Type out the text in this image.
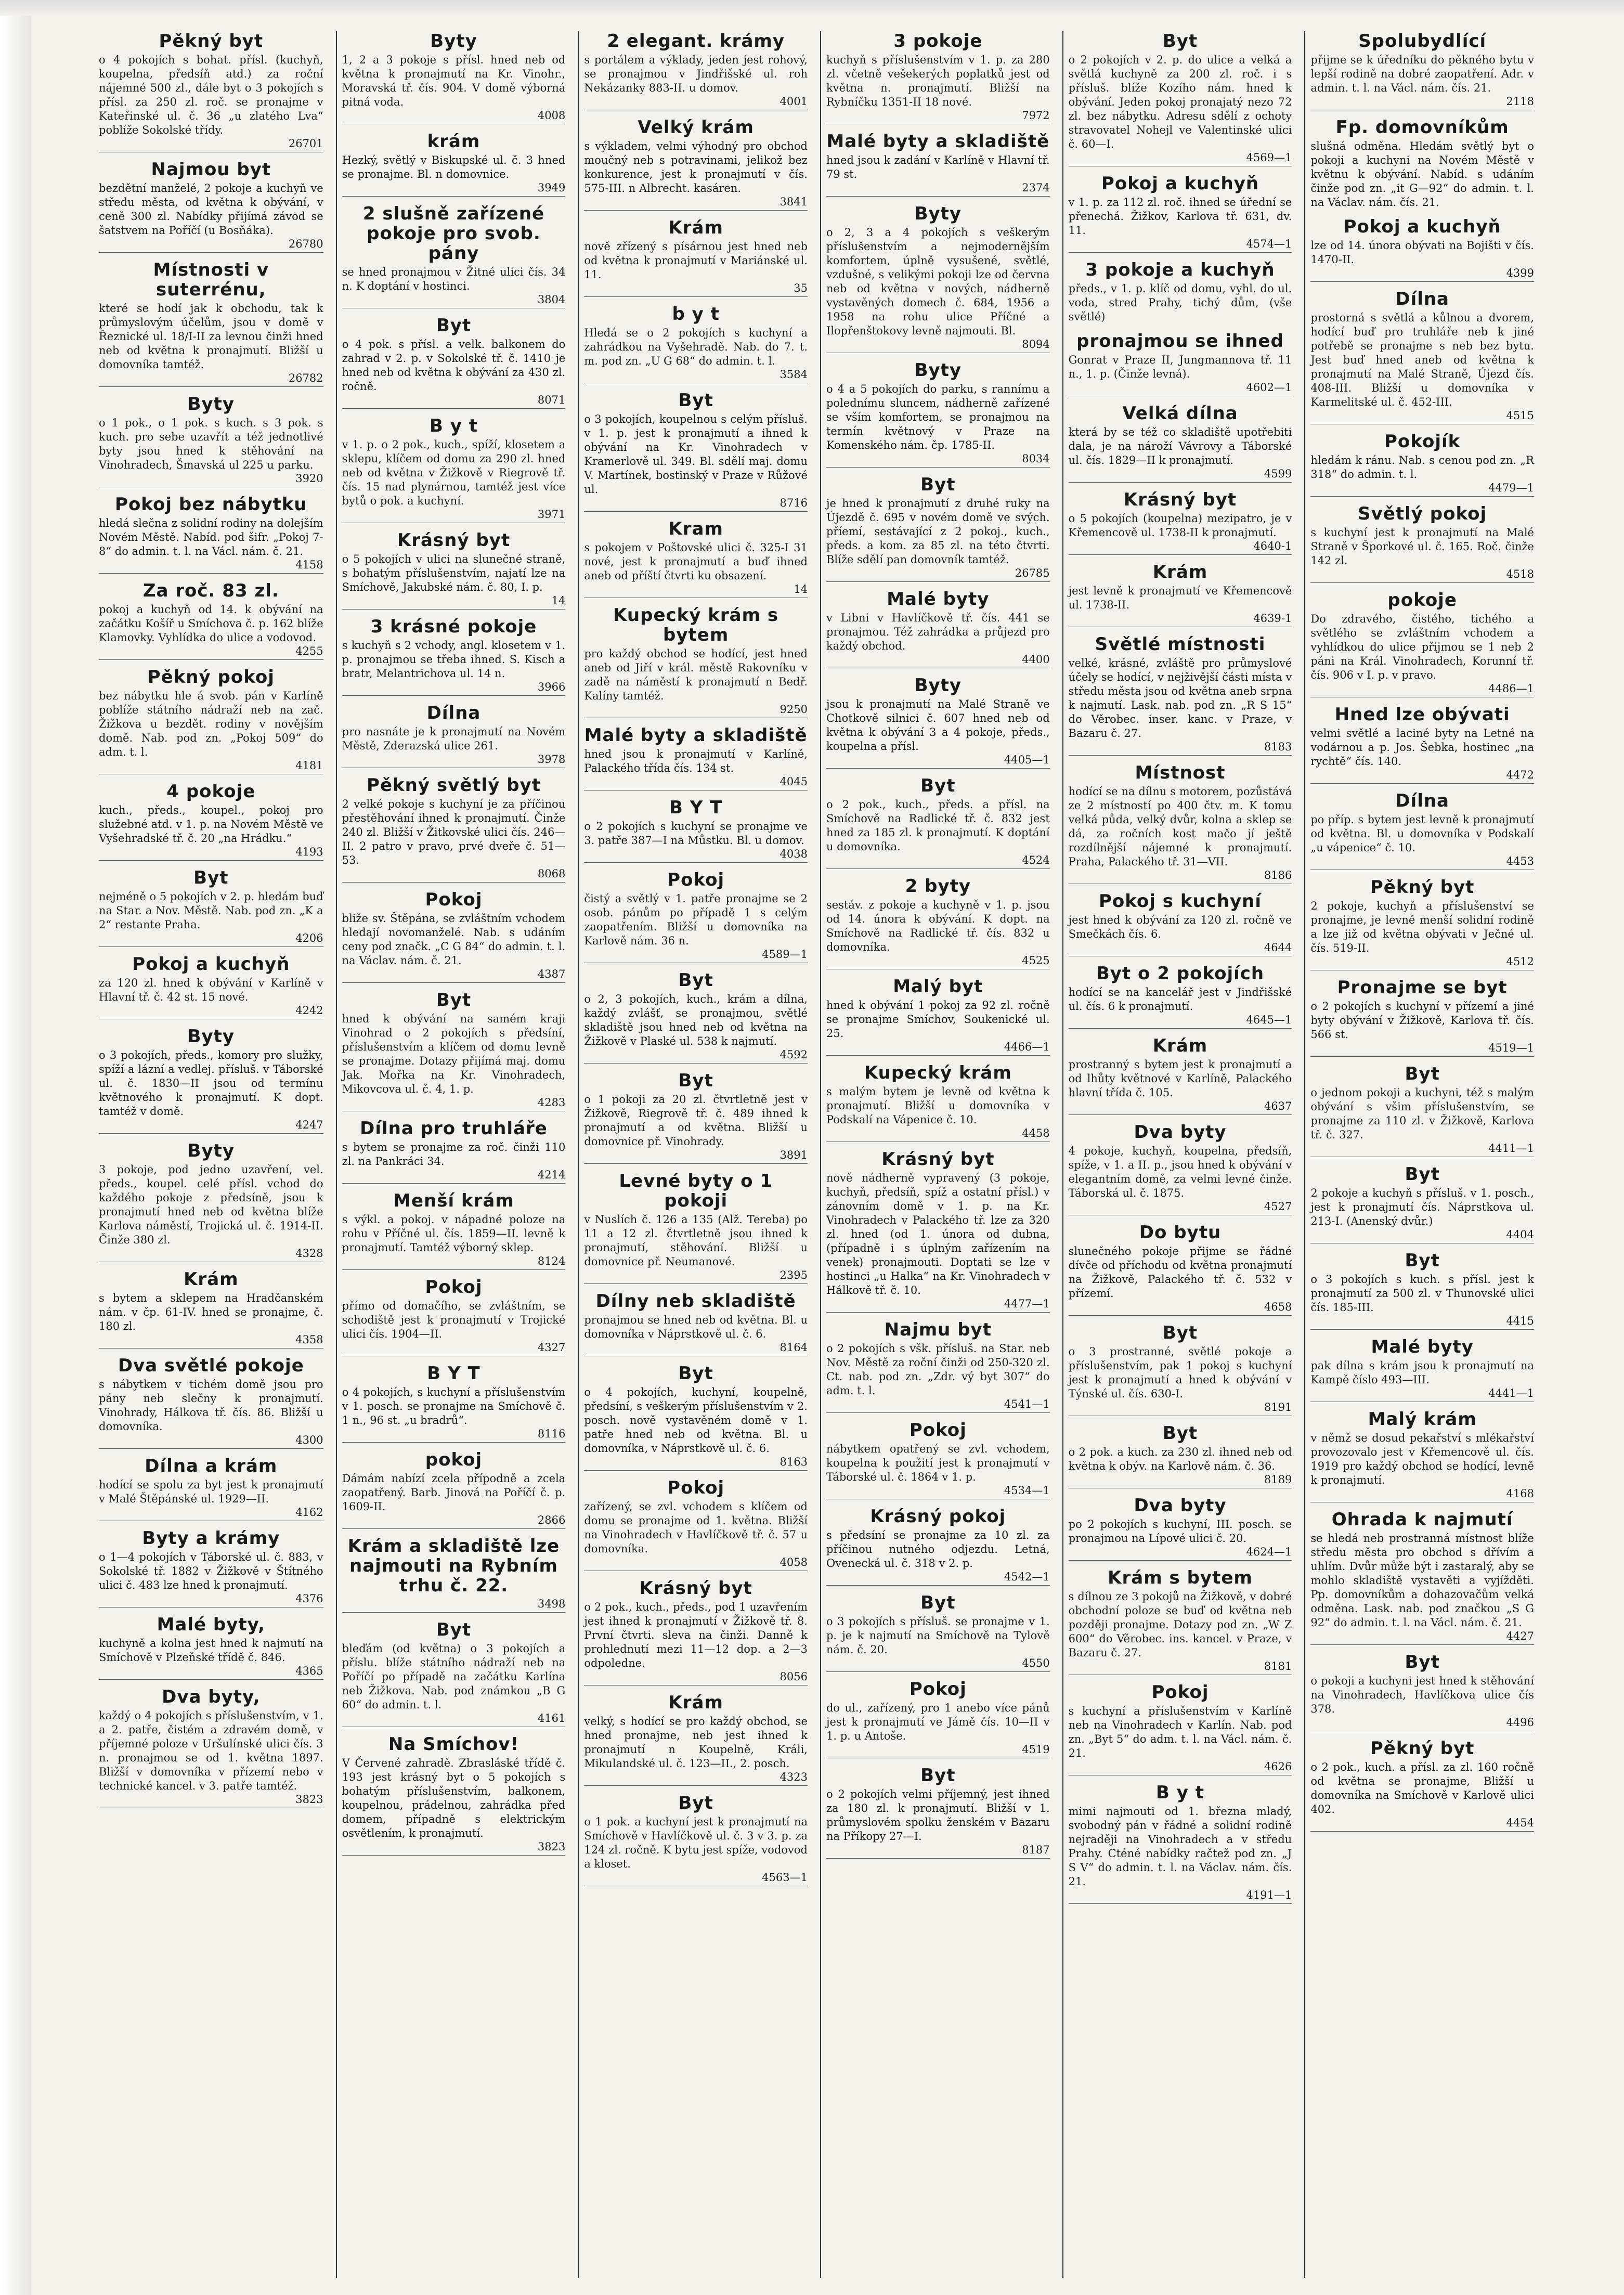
Pěkný byt

o 4 pokojích s bohat. přísl. (kuchyň, koupelna, předsíň atd.) za roční nájemné 500 zl., dále byt o 3 pokojích s přísl. za 250 zl. roč. se pronajme v Kateřinské ul. č. 36 „u zlatého Lva“ poblíže Sokolské třídy.

26701
Najmou byt

bezdětní manželé, 2 pokoje a kuchyň ve středu města, od května k obývání, v ceně 300 zl. Nabídky přijímá závod se šatstvem na Poříčí (u Bosňáka).

26780
Místnosti v suterrénu,

které se hodí jak k obchodu, tak k průmyslovým účelům, jsou v domě v Řeznické ul. 18/I-II za levnou činži hned neb od května k pronajmutí. Bližší u domovníka tamtéž.

26782
Byty

o 1 pok., o 1 pok. s kuch. s 3 pok. s kuch. pro sebe uzavřít a též jednotlivé byty jsou hned k stěhování na Vinohradech, Šmavská ul 225 u parku.

3920
Pokoj bez nábytku

hledá slečna z solidní rodiny na dolejším Novém Městě. Nabíd. pod šifr. „Pokoj 7-8“ do admin. t. l. na Václ. nám. č. 21.

4158
Za roč. 83 zl.

pokoj a kuchyň od 14. k obývání na začátku Košíř u Smíchova č. p. 162 blíže Klamovky. Vyhlídka do ulice a vodovod.

4255
Pěkný pokoj

bez nábytku hle á svob. pán v Karlíně poblíže státního nádraží neb na zač. Žižkova u bezdět. rodiny v novějším domě. Nab. pod zn. „Pokoj 509“ do adm. t. l.

4181
4 pokoje

kuch., předs., koupel., pokoj pro služebné atd. v 1. p. na Novém Městě ve Vyšehradské tř. č. 20 „na Hrádku.“

4193
Byt

nejméně o 5 pokojích v 2. p. hledám buď na Star. a Nov. Městě. Nab. pod zn. „K a 2“ restante Praha.

4206
Pokoj a kuchyň

za 120 zl. hned k obývání v Karlíně v Hlavní tř. č. 42 st. 15 nové.

4242
Byty

o 3 pokojích, předs., komory pro služky, spíží a lázní a vedlej. přísluš. v Táborské ul. č. 1830—II jsou od termínu květnového k pronajmutí. K dopt. tamtéž v domě.

4247
Byty

3 pokoje, pod jedno uzavření, vel. předs., koupel. celé přísl. vchod do každého pokoje z předsíně, jsou k pronajmutí hned neb od května blíže Karlova náměstí, Trojická ul. č. 1914-II. Činže 380 zl.

4328
Krám

s bytem a sklepem na Hradčanském nám. v čp. 61-IV. hned se pronajme, č. 180 zl.

4358
Dva světlé pokoje

s nábytkem v tichém domě jsou pro pány neb slečny k pronajmutí. Vinohrady, Hálkova tř. čís. 86. Bližší u domovníka.

4300
Dílna a krám

hodící se spolu za byt jest k pronajmutí v Malé Štěpánské ul. 1929—II.

4162
Byty a krámy

o 1—4 pokojích v Táborské ul. č. 883, v Sokolské tř. 1882 v Žižkově v Štítného ulici č. 483 lze hned k pronajmutí.

4376
Malé byty,

kuchyně a kolna jest hned k najmutí na Smíchově v Plzeňské třídě č. 846.

4365
Dva byty,

každý o 4 pokojích s příslušenstvím, v 1. a 2. patře, čistém a zdravém domě, v příjemné poloze v Uršulínské ulici čís. 3 n. pronajmou se od 1. května 1897. Bližší v domovníka v přízemí nebo v technické kancel. v 3. patře tamtéž.

3823
Byty

1, 2 a 3 pokoje s přísl. hned neb od května k pronajmutí na Kr. Vinohr., Moravská tř. čís. 904. V domě výborná pitná voda.

4008
krám

Hezký, světlý v Biskupské ul. č. 3 hned se pronajme. Bl. n domovnice.

3949
2 slušně zařízené pokoje pro svob. pány

se hned pronajmou v Žitné ulici čís. 34 n. K doptání v hostinci.

3804
Byt

o 4 pok. s přísl. a velk. balkonem do zahrad v 2. p. v Sokolské tř. č. 1410 je hned neb od května k obývání za 430 zl. ročně.

8071
B y t

v 1. p. o 2 pok., kuch., spíží, klosetem a sklepu, klíčem od domu za 290 zl. hned neb od května v Žižkově v Riegrově tř. čís. 15 nad plynárnou, tamtéž jest více bytů o pok. a kuchyní.

3971
Krásný byt

o 5 pokojích v ulici na slunečné straně, s bohatým příslušenstvím, najatí lze na Smíchově, Jakubské nám. č. 80, I. p.

14
3 krásné pokoje

s kuchyň s 2 vchody, angl. klosetem v 1. p. pronajmou se třeba ihned. S. Kisch a bratr, Melantrichova ul. 14 n.

3966
Dílna

pro nasnáte je k pronajmutí na Novém Městě, Zderazská ulice 261.

3978
Pěkný světlý byt

2 velké pokoje s kuchyní je za příčinou přestěhování ihned k pronajmutí. Činže 240 zl. Bližší v Žitkovské ulici čís. 246—II. 2 patro v pravo, prvé dveře č. 51—53.

8068
Pokoj

bliže sv. Štěpána, se zvláštním vchodem hledají novomanželé. Nab. s udáním ceny pod značk. „C G 84“ do admin. t. l. na Václav. nám. č. 21.

4387
Byt

hned k obývání na samém kraji Vinohrad o 2 pokojích s předsíní, příslušenstvím a klíčem od domu levně se pronajme. Dotazy přijímá maj. domu Jak. Mořka na Kr. Vinohradech, Mikovcova ul. č. 4, 1. p.

4283
Dílna pro truhláře

s bytem se pronajme za roč. činži 110 zl. na Pankráci 34.

4214
Menší krám

s výkl. a pokoj. v nápadné poloze na rohu v Příčné ul. čís. 1859—II. levně k pronajmutí. Tamtéž výborný sklep.

8124
Pokoj

přímo od domačího, se zvláštním, se schodiště jest k pronajmutí v Trojické ulici čís. 1904—II.

4327
B Y T

o 4 pokojích, s kuchyní a příslušenstvím v 1. posch. se pronajme na Smíchově č. 1 n., 96 st. „u bradrů“.

8116
pokoj

Dámám nabízí zcela přípodně a zcela zaopatřený. Barb. Jinová na Poříčí č. p. 1609-II.

2866
Krám a skladiště lze najmouti na Rybním trhu č. 22.
3498
Byt

bleďám (od května) o 3 pokojích a příslu. blíže státního nádraží neb na Poříčí po případě na začátku Karlína neb Žižkova. Nab. pod známkou „B G 60“ do admin. t. l.

4161
Na Smíchov!

V Červené zahradě. Zbrasláské třídě č. 193 jest krásný byt o 5 pokojích s bohatým příslušenstvím, balkonem, koupelnou, prádelnou, zahrádka před domem, případně s elektrickým osvětlením, k pronajmutí.

3823
2 elegant. krámy

s portálem a výklady, jeden jest rohový, se pronajmou v Jindřišské ul. roh Nekázanky 883-II. u domov.

4001
Velký krám

s výkladem, velmi výhodný pro obchod moučný neb s potravinami, jelikož bez konkurence, jest k pronajmutí v čís. 575-III. n Albrecht. kasáren.

3841
Krám

nově zřízený s písárnou jest hned neb od května k pronajmutí v Mariánské ul. 11.

35
b y t

Hledá se o 2 pokojích s kuchyní a zahrádkou na Vyšehradě. Nab. do 7. t. m. pod zn. „U G 68“ do admin. t. l.

3584
Byt

o 3 pokojích, koupelnou s celým přísluš. v 1. p. jest k pronajmutí a ihned k obývání na Kr. Vinohradech v Kramerlově ul. 349. Bl. sdělí maj. domu V. Martínek, bostinský v Praze v Růžové ul.

8716
Kram

s pokojem v Poštovské ulici č. 325-I 31 nové, jest k pronajmutí a buď ihned aneb od příští čtvrti ku obsazení.

14
Kupecký krám s bytem

pro každý obchod se hodící, jest hned aneb od Jiří v král. městě Rakovníku v zadě na náměstí k pronajmutí n Bedř. Kalíny tamtéž.

9250
Malé byty a skladiště

hned jsou k pronajmutí v Karlíně, Palackého třída čís. 134 st.

4045
B Y T

o 2 pokojích s kuchyní se pronajme ve 3. patře 387—I na Můstku. Bl. u domov.

4038
Pokoj

čistý a světlý v 1. patře pronajme se 2 osob. pánům po případě 1 s celým zaopatřením. Bližší u domovníka na Karlově nám. 36 n.

4589—1
Byt

o 2, 3 pokojích, kuch., krám a dílna, každý zvlášť, se pronajmou, světlé skladiště jsou hned neb od května na Žižkově v Plaské ul. 538 k najmutí.

4592
Byt

o 1 pokoji za 20 zl. čtvrtletně jest v Žižkově, Riegrově tř. č. 489 ihned k pronajmutí a od května. Bližší u domovnice př. Vinohrady.

3891
Levné byty o 1 pokoji

v Nuslích č. 126 a 135 (Alž. Tereba) po 11 a 12 zl. čtvrtletně jsou ihned k pronajmutí, stěhování. Bližší u domovnice př. Neumanové.

2395
Dílny neb skladiště

pronajmou se hned neb od května. Bl. u domovníka v Náprstkově ul. č. 6.

8164
Byt

o 4 pokojích, kuchyní, koupelně, předsíní, s veškerým příslušenstvím v 2. posch. nově vystavěném domě v 1. patře hned neb od května. Bl. u domovníka, v Náprstkově ul. č. 6.

8163
Pokoj

zařízený, se zvl. vchodem s klíčem od domu se pronajme od 1. května. Bližší na Vinohradech v Havlíčkově tř. č. 57 u domovníka.

4058
Krásný byt

o 2 pok., kuch., předs., pod 1 uzavřením jest ihned k pronajmutí v Žižkově tř. 8. První čtvrti. sleva na činži. Danně k prohlednutí mezi 11—12 dop. a 2—3 odpoledne.

8056
Krám

velký, s hodící se pro každý obchod, se hned pronajme, neb jest ihned k pronajmutí n Koupelně, Králi, Mikulandské ul. č. 123—II., 2. posch.

4323
Byt

o 1 pok. a kuchyní jest k pronajmutí na Smíchově v Havlíčkově ul. č. 3 v 3. p. za 124 zl. ročně. K bytu jest spíže, vodovod a kloset.

4563—1
3 pokoje

kuchyň s příslušenstvím v 1. p. za 280 zl. včetně vešekerých poplatků jest od května n. pronajmutí. Bližší na Rybníčku 1351-II 18 nové.

7972
Malé byty a skladiště

hned jsou k zadání v Karlíně v Hlavní tř. 79 st.

2374
Byty

o 2, 3 a 4 pokojích s veškerým příslušenstvím a nejmodernějším komfortem, úplně vysušené, světlé, vzdušné, s velikými pokoji lze od června neb od května v nových, nádherně vystavěných domech č. 684, 1956 a 1958 na rohu ulice Příčné a Ilopřenštokovy levně najmouti. Bl.

8094
Byty

o 4 a 5 pokojích do parku, s rannímu a polednímu sluncem, nádherně zařízené se vším komfortem, se pronajmou na termín květnový v Praze na Komenského nám. čp. 1785-II.

8034
Byt

je hned k pronajmutí z druhé ruky na Újezdě č. 695 v novém domě ve svých. příemí, sestávající z 2 pokoj., kuch., předs. a kom. za 85 zl. na této čtvrti. Blíže sdělí pan domovník tamtéž.

26785
Malé byty

v Libni v Havlíčkově tř. čís. 441 se pronajmou. Též zahrádka a průjezd pro každý obchod.

4400
Byty

jsou k pronajmutí na Malé Straně ve Chotkově silnici č. 607 hned neb od května k obývání 3 a 4 pokoje, předs., koupelna a přísl.

4405—1
Byt

o 2 pok., kuch., předs. a přísl. na Smíchově na Radlické tř. č. 832 jest hned za 185 zl. k pronajmutí. K doptání u domovníka.

4524
2 byty

sestáv. z pokoje a kuchyně v 1. p. jsou od 14. února k obývání. K dopt. na Smíchově na Radlické tř. čís. 832 u domovníka.

4525
Malý byt

hned k obývání 1 pokoj za 92 zl. ročně se pronajme Smíchov, Soukenické ul. 25.

4466—1
Kupecký krám

s malým bytem je levně od května k pronajmutí. Bližší u domovníka v Podskalí na Vápenice č. 10.

4458
Krásný byt

nově nádherně vypravený (3 pokoje, kuchyň, předsíň, spíž a ostatní přísl.) v zánovním domě v 1. p. na Kr. Vinohradech v Palackého tř. lze za 320 zl. hned (od 1. února od dubna, (případně i s úplným zařízením na venek) pronajmouti. Doptati se lze v hostinci „u Halka“ na Kr. Vinohradech v Hálkově tř. č. 10.

4477—1
Najmu byt

o 2 pokojích s všk. přísluš. na Star. neb Nov. Městě za roční činži od 250-320 zl. Ct. nab. pod zn. „Zdr. vý byt 307“ do adm. t. l.

4541—1
Pokoj

nábytkem opatřený se zvl. vchodem, koupelna k použití jest k pronajmutí v Táborské ul. č. 1864 v 1. p.

4534—1
Krásný pokoj

s předsíní se pronajme za 10 zl. za příčinou nutného odjezdu. Letná, Ovenecká ul. č. 318 v 2. p.

4542—1
Byt

o 3 pokojích s přísluš. se pronajme v 1. p. je k najmutí na Smíchově na Tylově nám. č. 20.

4550
Pokoj

do ul., zařízený, pro 1 anebo více pánů jest k pronajmutí ve Jámě čís. 10—II v 1. p. u Antoše.

4519
Byt

o 2 pokojích velmi příjemný, jest ihned za 180 zl. k pronajmutí. Bližší v 1. průmyslovém spolku ženském v Bazaru na Příkopy 27—I.

8187
Byt

o 2 pokojích v 2. p. do ulice a velká a světlá kuchyně za 200 zl. roč. i s přísluš. blíže Kozího nám. hned k obývání. Jeden pokoj pronajatý nezo 72 zl. bez nábytku. Adresu sdělí z ochoty stravovatel Nohejl ve Valentinské ulici č. 60—I.

4569—1
Pokoj a kuchyň

v 1. p. za 112 zl. roč. ihned se úřední se přenechá. Žižkov, Karlova tř. 631, dv. 11.

4574—1
3 pokoje a kuchyň

předs., v 1. p. klíč od domu, vyhl. do ul. voda, stred Prahy, tichý dům, (vše světlé)

pronajmou se ihned

Gonrat v Praze II, Jungmannova tř. 11 n., 1. p. (Činže levná).

4602—1
Velká dílna

která by se též co skladiště upotřebiti dala, je na nároží Vávrovy a Táborské ul. čís. 1829—II k pronajmutí.

4599
Krásný byt

o 5 pokojích (koupelna) mezipatro, je v Křemencově ul. 1738-II k pronajmutí.

4640-1
Krám

jest levně k pronajmutí ve Křemencově ul. 1738-II.

4639-1
Světlé místnosti

velké, krásné, zvláště pro průmyslové účely se hodící, v nejživější části místa v středu města jsou od května aneb srpna k najmutí. Lask. nab. pod zn. „R S 15“ do Věrobec. inser. kanc. v Praze, v Bazaru č. 27.

8183
Místnost

hodící se na dílnu s motorem, pozůstává ze 2 místností po 400 čtv. m. K tomu velká půda, velký dvůr, kolna a sklep se dá, za ročních kost mačo jí ještě rozdílnější nájemné k pronajmutí. Praha, Palackého tř. 31—VII.

8186
Pokoj s kuchyní

jest hned k obývání za 120 zl. ročně ve Smečkách čís. 6.

4644
Byt o 2 pokojích

hodící se na kancelář jest v Jindřišské ul. čís. 6 k pronajmutí.

4645—1
Krám

prostranný s bytem jest k pronajmutí a od lhůty květnové v Karlíně, Palackého hlavní třída č. 105.

4637
Dva byty

4 pokoje, kuchyň, koupelna, předsíň, spíže, v 1. a II. p., jsou hned k obývání v elegantním domě, za velmi levné činže. Táborská ul. č. 1875.

4527
Do bytu

slunečného pokoje přijme se řádné dívče od příchodu od května pronajmutí na Žižkově, Palackého tř. č. 532 v přízemí.

4658
Byt

o 3 prostranné, světlé pokoje a příslušenstvím, pak 1 pokoj s kuchyní jest k pronajmutí a hned k obývání v Týnské ul. čís. 630-I.

8191
Byt

o 2 pok. a kuch. za 230 zl. ihned neb od května k obýv. na Karlově nám. č. 36.

8189
Dva byty

po 2 pokojích s kuchyní, III. posch. se pronajmou na Lípové ulici č. 20.

4624—1
Krám s bytem

s dílnou ze 3 pokojů na Žižkově, v dobré obchodní poloze se buď od května neb později pronajme. Dotazy pod zn. „W Z 600“ do Věrobec. ins. kancel. v Praze, v Bazaru č. 27.

8181
Pokoj

s kuchyní a příslušenstvím v Karlíně neb na Vinohradech v Karlín. Nab. pod zn. „Byt 5“ do adm. t. l. na Václ. nám. č. 21.

4626
B y t

mimi najmouti od 1. března mladý, svobodný pán v řádné a solidní rodině nejraději na Vinohradech a v středu Prahy. Cténé nabídky račtež pod zn. „J S V“ do admin. t. l. na Václav. nám. čís. 21.

4191—1
Spolubydlící

přijme se k úředníku do pěkného bytu v lepší rodině na dobré zaopatření. Adr. v admin. t. l. na Václ. nám. čís. 21.

2118
Fp. domovníkům

slušná odměna. Hledám světlý byt o pokoji a kuchyni na Novém Městě v květnu k obývání. Nabíd. s udáním činže pod zn. „it G—92“ do admin. t. l. na Václav. nám. čís. 21.

Pokoj a kuchyň

lze od 14. února obývati na Bojišti v čís. 1470-II.

4399
Dílna

prostorná s světlá a kůlnou a dvorem, hodící buď pro truhláře neb k jiné potřebě se pronajme s neb bez bytu. Jest buď hned aneb od května k pronajmutí na Malé Straně, Újezd čís. 408-III. Bližší u domovníka v Karmelitské ul. č. 452-III.

4515
Pokojík

hledám k ránu. Nab. s cenou pod zn. „R 318“ do admin. t. l.

4479—1
Světlý pokoj

s kuchyní jest k pronajmutí na Malé Straně v Šporkové ul. č. 165. Roč. činže 142 zl.

4518
pokoje

Do zdravého, čistého, tichého a světlého se zvláštním vchodem a vyhlídkou do ulice přijmou se 1 neb 2 páni na Král. Vinohradech, Korunní tř. čís. 906 v I. p. v pravo.

4486—1
Hned lze obývati

velmi světlé a laciné byty na Letné na vodárnou a p. Jos. Šebka, hostinec „na rychtě“ čís. 140.

4472
Dílna

po příp. s bytem jest levně k pronajmutí od května. Bl. u domovníka v Podskalí „u vápenice“ č. 10.

4453
Pěkný byt

2 pokoje, kuchyň a příslušenství se pronajme, je levně menší solidní rodině a lze již od května obývati v Ječné ul. čís. 519-II.

4512
Pronajme se byt

o 2 pokojích s kuchyní v přízemí a jiné byty obývání v Žižkově, Karlova tř. čís. 566 st.

4519—1
Byt

o jednom pokoji a kuchyni, též s malým obývání s všim příslušenstvím, se pronajme za 110 zl. v Žižkově, Karlova tř. č. 327.

4411—1
Byt

2 pokoje a kuchyň s přísluš. v 1. posch., jest k pronajmutí čís. Náprstkova ul. 213-I. (Anenský dvůr.)

4404
Byt

o 3 pokojích s kuch. s přísl. jest k pronajmutí za 500 zl. v Thunovské ulici čís. 185-III.

4415
Malé byty

pak dílna s krám jsou k pronajmutí na Kampě číslo 493—III.

4441—1
Malý krám

v němž se dosud pekařství s mlékařství provozovalo jest v Křemencově ul. čís. 1919 pro každý obchod se hodící, levně k pronajmutí.

4168
Ohrada k najmutí

se hledá neb prostranná místnost blíže středu města pro obchod s dřívím a uhlím. Dvůr může být i zastaralý, aby se mohlo skladiště vystavěti a vyjížděti. Pp. domovníkům a dohazovačům velká odměna. Lask. nab. pod značkou „S G 92“ do admin. t. l. na Václ. nám. č. 21.

4427
Byt

o pokoji a kuchyni jest hned k stěhování na Vinohradech, Havlíčkova ulice čís 378.

4496
Pěkný byt

o 2 pok., kuch. a přísl. za zl. 160 ročně od května se pronajme, Bližší u domovníka na Smíchově v Karlově ulici 402.

4454
